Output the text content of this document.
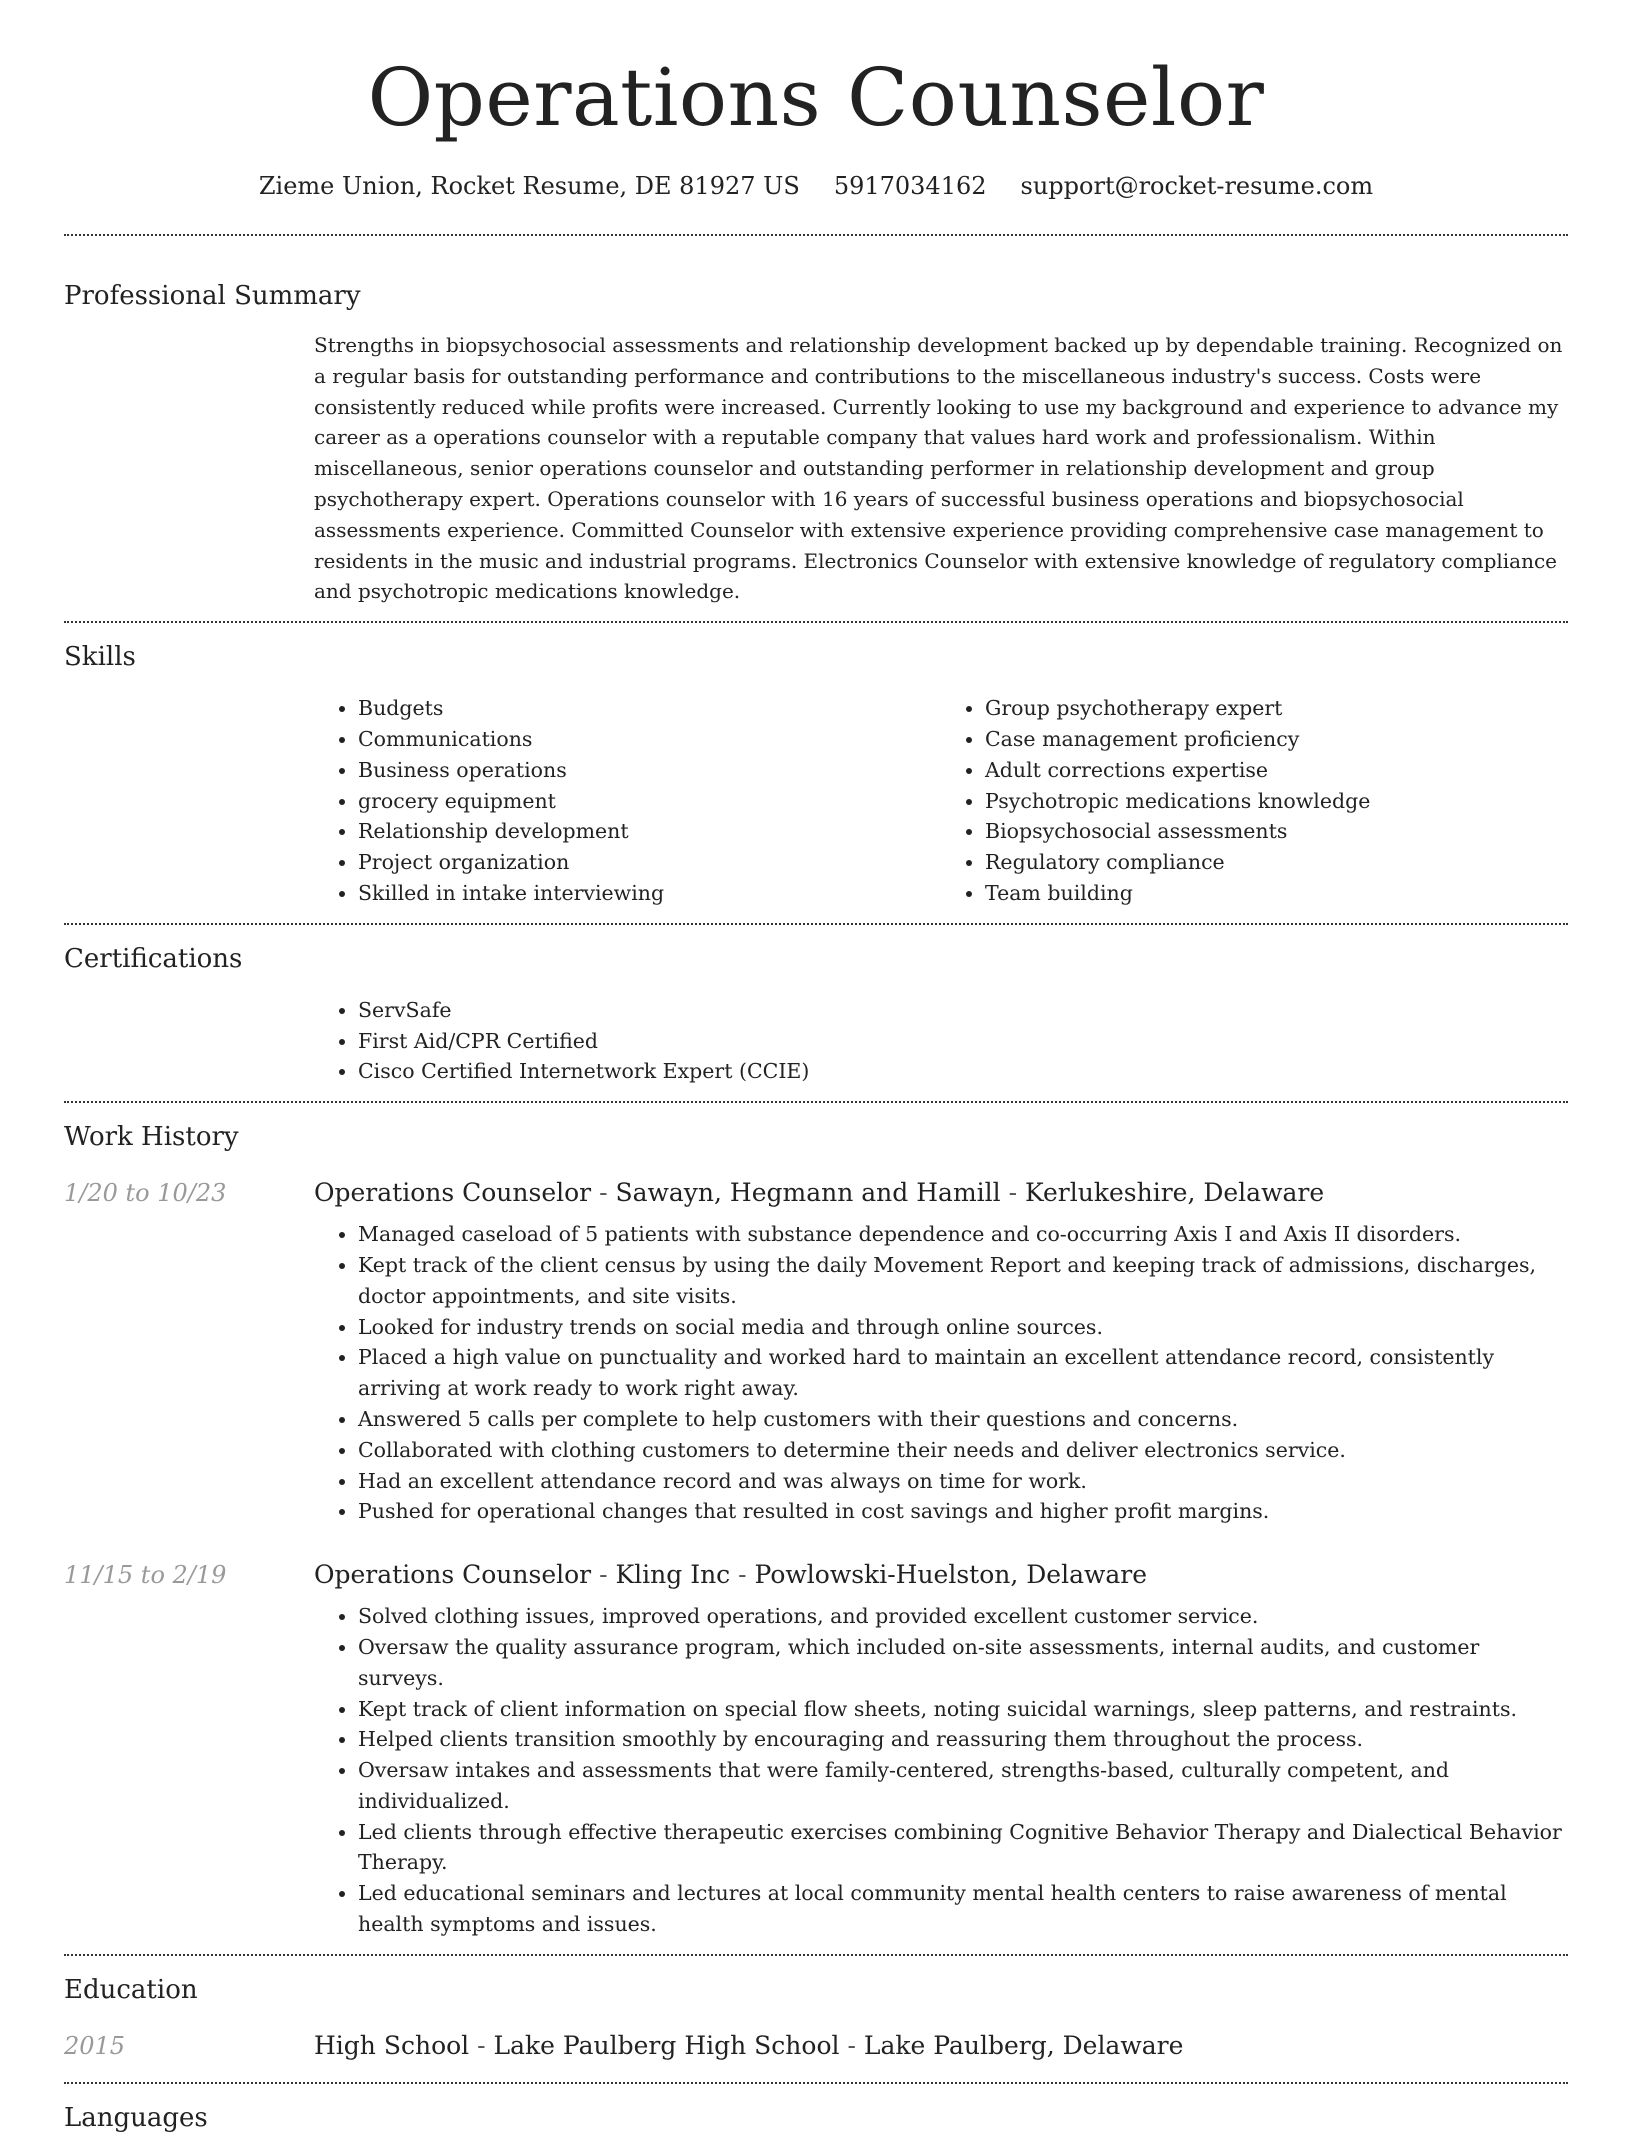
Operations Counselor
Zieme Union, Rocket Resume, DE 81927 US 5917034162 support@rocket-resume.com
Professional Summary

Strengths in biopsychosocial assessments and relationship development backed up by dependable training. Recognized on a regular basis for outstanding performance and contributions to the miscellaneous industry's success. Costs were consistently reduced while profits were increased. Currently looking to use my background and experience to advance my career as a operations counselor with a reputable company that values hard work and professionalism. Within miscellaneous, senior operations counselor and outstanding performer in relationship development and group psychotherapy expert. Operations counselor with 16 years of successful business operations and biopsychosocial assessments experience. Committed Counselor with extensive experience providing comprehensive case management to residents in the music and industrial programs. Electronics Counselor with extensive knowledge of regulatory compliance and psychotropic medications knowledge.

Skills
• Budgets
• Communications
• Business operations
• grocery equipment
• Relationship development
• Project organization
• Skilled in intake interviewing
• Group psychotherapy expert
• Case management proficiency
• Adult corrections expertise
• Psychotropic medications knowledge
• Biopsychosocial assessments
• Regulatory compliance
• Team building
Certifications
• ServSafe
• First Aid/CPR Certified
• Cisco Certified Internetwork Expert (CCIE)
Work History
1/20 to 10/23	Operations Counselor - Sawayn, Hegmann and Hamill - Kerlukeshire, Delaware
• Managed caseload of 5 patients with substance dependence and co-occurring Axis I and Axis II disorders.
• Kept track of the client census by using the daily Movement Report and keeping track of admissions, discharges, doctor appointments, and site visits.
• Looked for industry trends on social media and through online sources.
• Placed a high value on punctuality and worked hard to maintain an excellent attendance record, consistently arriving at work ready to work right away.
• Answered 5 calls per complete to help customers with their questions and concerns.
• Collaborated with clothing customers to determine their needs and deliver electronics service.
• Had an excellent attendance record and was always on time for work.
• Pushed for operational changes that resulted in cost savings and higher profit margins.
11/15 to 2/19	Operations Counselor - Kling Inc - Powlowski-Huelston, Delaware
• Solved clothing issues, improved operations, and provided excellent customer service.
• Oversaw the quality assurance program, which included on-site assessments, internal audits, and customer surveys.
• Kept track of client information on special flow sheets, noting suicidal warnings, sleep patterns, and restraints.
• Helped clients transition smoothly by encouraging and reassuring them throughout the process.
• Oversaw intakes and assessments that were family-centered, strengths-based, culturally competent, and individualized.
• Led clients through effective therapeutic exercises combining Cognitive Behavior Therapy and Dialectical Behavior Therapy.
• Led educational seminars and lectures at local community mental health centers to raise awareness of mental health symptoms and issues.
Education
2015	High School - Lake Paulberg High School - Lake Paulberg, Delaware
Languages
